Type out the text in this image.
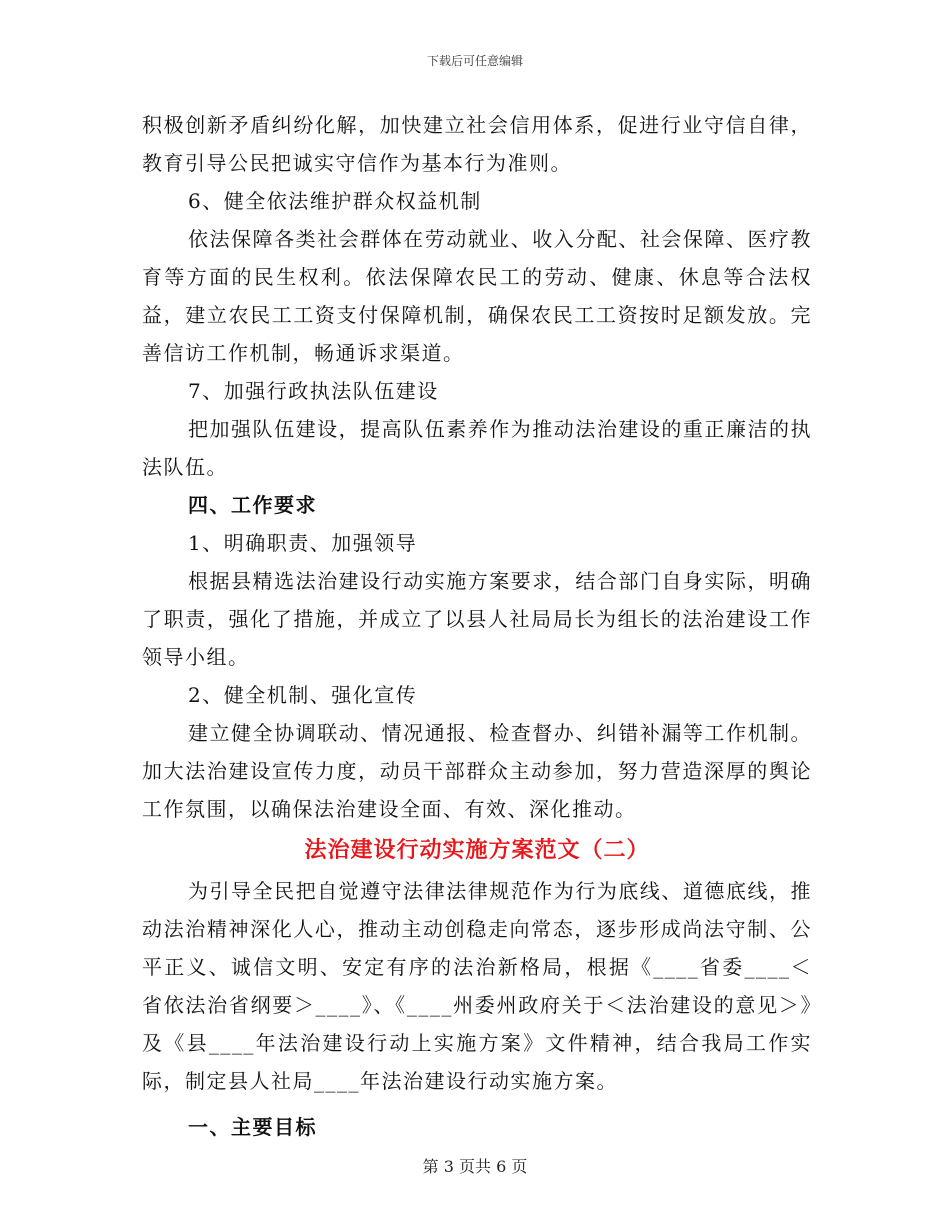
下载后可任意编辑

积极创新矛盾纠纷化解，加快建立社会信用体系，促进行业守信自律，教育引导公民把诚实守信作为基本行为准则。

6、健全依法维护群众权益机制

依法保障各类社会群体在劳动就业、收入分配、社会保障、医疗教育等方面的民生权利。依法保障农民工的劳动、健康、休息等合法权益，建立农民工工资支付保障机制，确保农民工工资按时足额发放。完善信访工作机制，畅通诉求渠道。

7、加强行政执法队伍建设

把加强队伍建设，提高队伍素养作为推动法治建设的重正廉洁的执法队伍。

四、工作要求

1、明确职责、加强领导

根据县精选法治建设行动实施方案要求，结合部门自身实际，明确了职责，强化了措施，并成立了以县人社局局长为组长的法治建设工作领导小组。

2、健全机制、强化宣传

建立健全协调联动、情况通报、检查督办、纠错补漏等工作机制。加大法治建设宣传力度，动员干部群众主动参加，努力营造深厚的舆论工作氛围，以确保法治建设全面、有效、深化推动。

法治建设行动实施方案范文（二）

为引导全民把自觉遵守法律法律规范作为行为底线、道德底线，推动法治精神深化人心，推动主动创稳走向常态，逐步形成尚法守制、公平正义、诚信文明、安定有序的法治新格局，根据《____省委____＜省依法治省纲要＞____》、《____州委州政府关于＜法治建设的意见＞》及《县____年法治建设行动上实施方案》文件精神，结合我局工作实际，制定县人社局____年法治建设行动实施方案。

一、主要目标

第 3 页共 6 页
